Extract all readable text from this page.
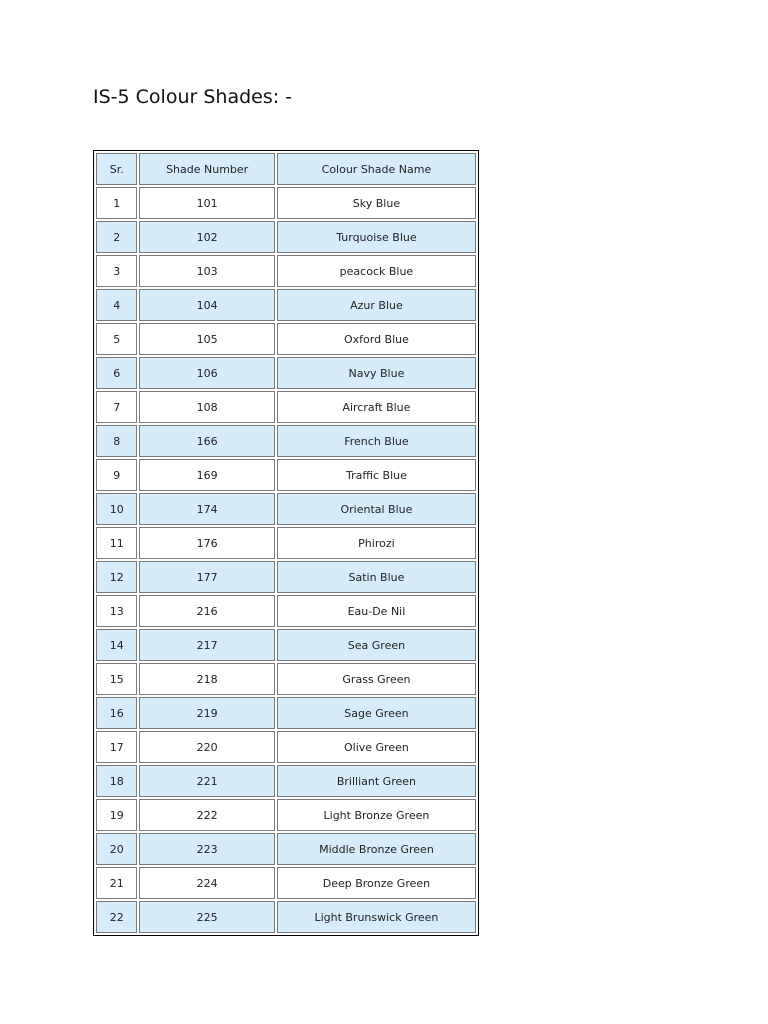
IS-5 Colour Shades: -
Sr.	Shade Number	Colour Shade Name
1	101	Sky Blue
2	102	Turquoise Blue
3	103	peacock Blue
4	104	Azur Blue
5	105	Oxford Blue
6	106	Navy Blue
7	108	Aircraft Blue
8	166	French Blue
9	169	Traffic Blue
10	174	Oriental Blue
11	176	Phirozi
12	177	Satin Blue
13	216	Eau-De Nil
14	217	Sea Green
15	218	Grass Green
16	219	Sage Green
17	220	Olive Green
18	221	Brilliant Green
19	222	Light Bronze Green
20	223	Middle Bronze Green
21	224	Deep Bronze Green
22	225	Light Brunswick Green
